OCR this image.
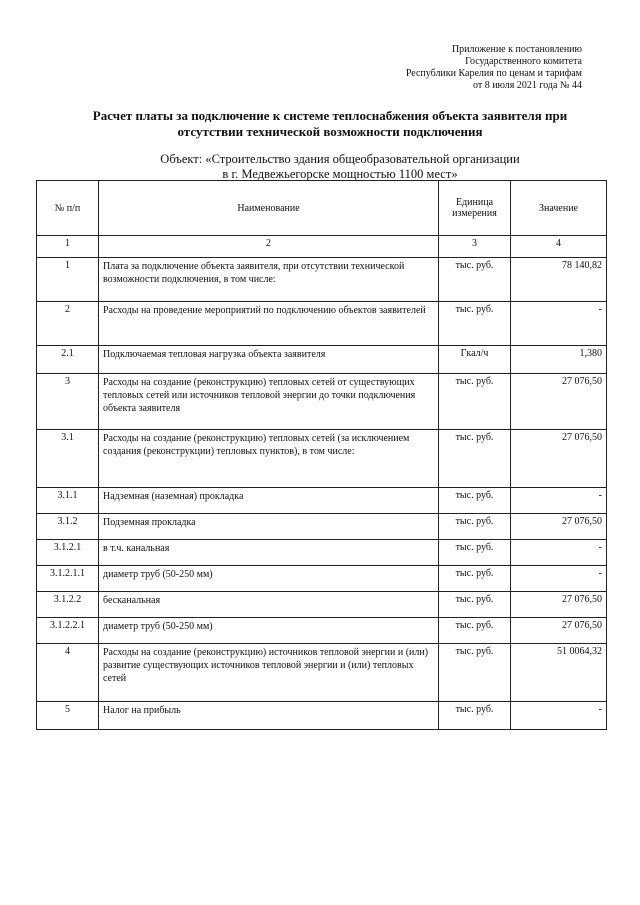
Приложение к постановлению
Государственного комитета
Республики Карелия по ценам и тарифам
от 8 июля 2021 года № 44
Расчет платы за подключение к системе теплоснабжения объекта заявителя при
отсутствии технической возможности подключения
Объект: «Строительство здания общеобразовательной организации
в г. Медвежьегорске мощностью 1100 мест»
№ п/п	Наименование	Единица измерения	Значение
1	2	3	4
1	Плата за подключение объекта заявителя, при отсутствии технической возможности подключения, в том числе:	тыс. руб.	78 140,82
2	Расходы на проведение мероприятий по подключению объектов заявителей	тыс. руб.	-
2.1	Подключаемая тепловая нагрузка объекта заявителя	Гкал/ч	1,380
3	Расходы на создание (реконструкцию) тепловых сетей от существующих тепловых сетей или источников тепловой энергии до точки подключения объекта заявителя	тыс. руб.	27 076,50
3.1	Расходы на создание (реконструкцию) тепловых сетей (за исключением создания (реконструкции) тепловых пунктов), в том числе:	тыс. руб.	27 076,50
3.1.1	Надземная (наземная) прокладка	тыс. руб.	-
3.1.2	Подземная прокладка	тыс. руб.	27 076,50
3.1.2.1	в т.ч. канальная	тыс. руб.	-
3.1.2.1.1	диаметр труб (50-250 мм)	тыс. руб.	-
3.1.2.2	бесканальная	тыс. руб.	27 076,50
3.1.2.2.1	диаметр труб (50-250 мм)	тыс. руб.	27 076,50
4	Расходы на создание (реконструкцию) источников тепловой энергии и (или) развитие существующих источников тепловой энергии и (или) тепловых сетей	тыс. руб.	51 0064,32
5	Налог на прибыль	тыс. руб.	-
